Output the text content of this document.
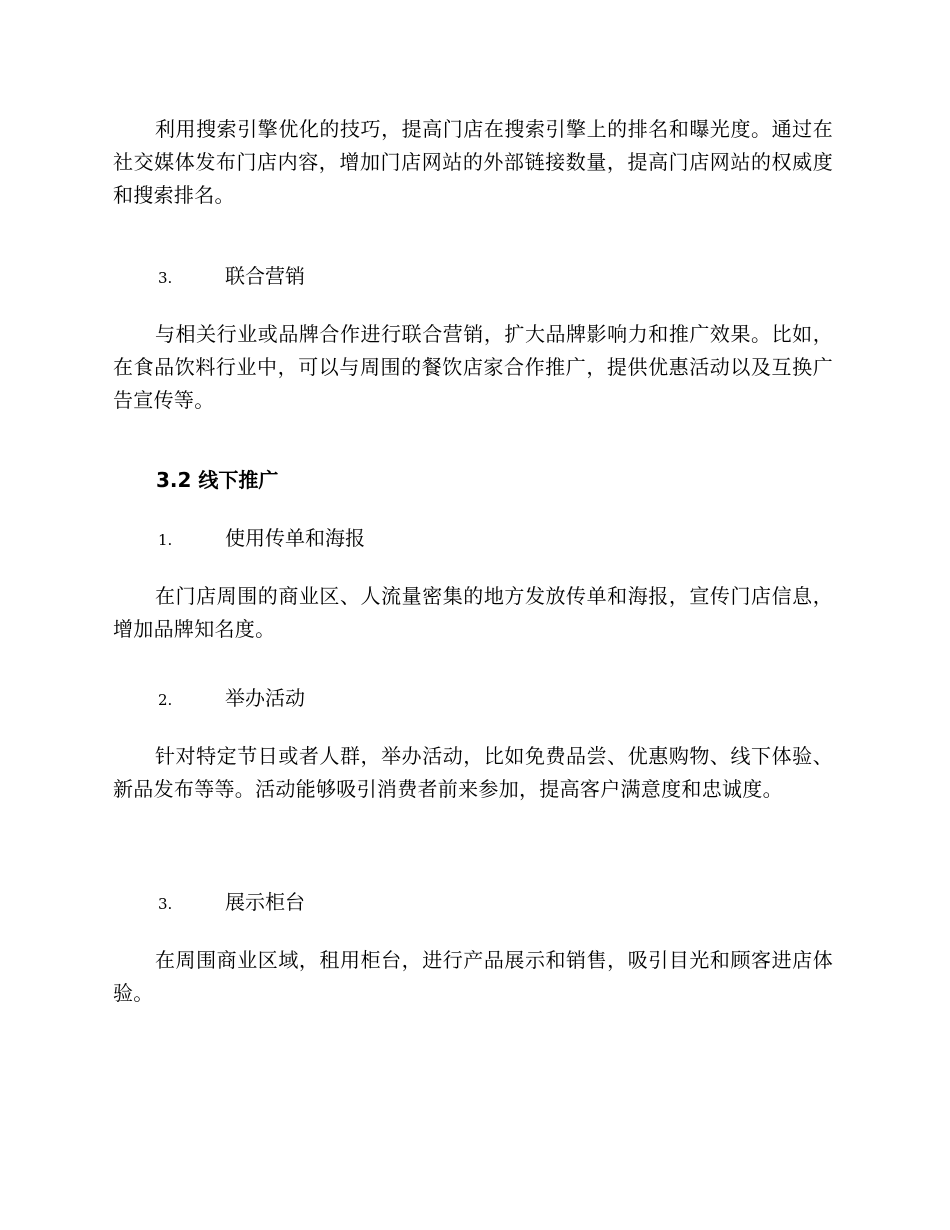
利用搜索引擎优化的技巧，提高门店在搜索引擎上的排名和曝光度。通过在社交媒体发布门店内容，增加门店网站的外部链接数量，提高门店网站的权威度和搜索排名。

3.	联合营销

与相关行业或品牌合作进行联合营销，扩大品牌影响力和推广效果。比如，在食品饮料行业中，可以与周围的餐饮店家合作推广，提供优惠活动以及互换广告宣传等。

3.2 线下推广
1.	使用传单和海报

在门店周围的商业区、人流量密集的地方发放传单和海报，宣传门店信息，增加品牌知名度。

2.	举办活动

针对特定节日或者人群，举办活动，比如免费品尝、优惠购物、线下体验、新品发布等等。活动能够吸引消费者前来参加，提高客户满意度和忠诚度。

3.	展示柜台

在周围商业区域，租用柜台，进行产品展示和销售，吸引目光和顾客进店体验。
